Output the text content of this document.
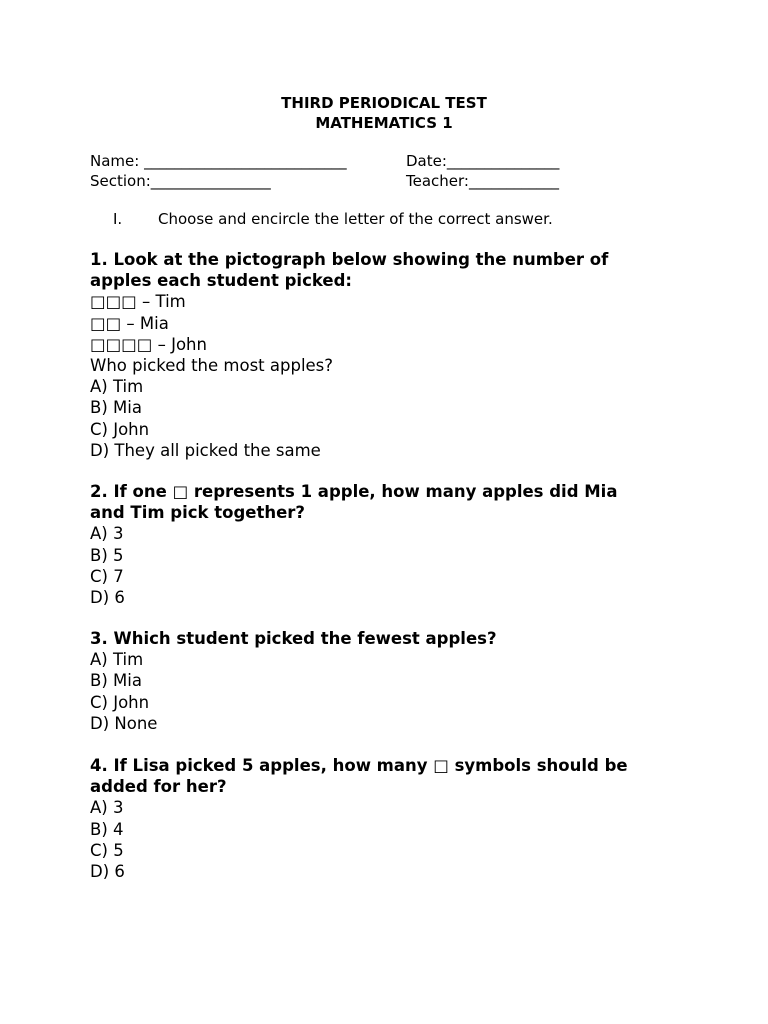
THIRD PERIODICAL TEST
MATHEMATICS 1
Name: ___________________________	Date:_______________
Section:________________	Teacher:____________
I. Choose and encircle the letter of the correct answer.
1. Look at the pictograph below showing the number of
apples each student picked:
□□□ – Tim
□□ – Mia
□□□□ – John
Who picked the most apples?
A) Tim
B) Mia
C) John
D) They all picked the same
2. If one □ represents 1 apple, how many apples did Mia
and Tim pick together?
A) 3
B) 5
C) 7
D) 6
3. Which student picked the fewest apples?
A) Tim
B) Mia
C) John
D) None
4. If Lisa picked 5 apples, how many □ symbols should be
added for her?
A) 3
B) 4
C) 5
D) 6
